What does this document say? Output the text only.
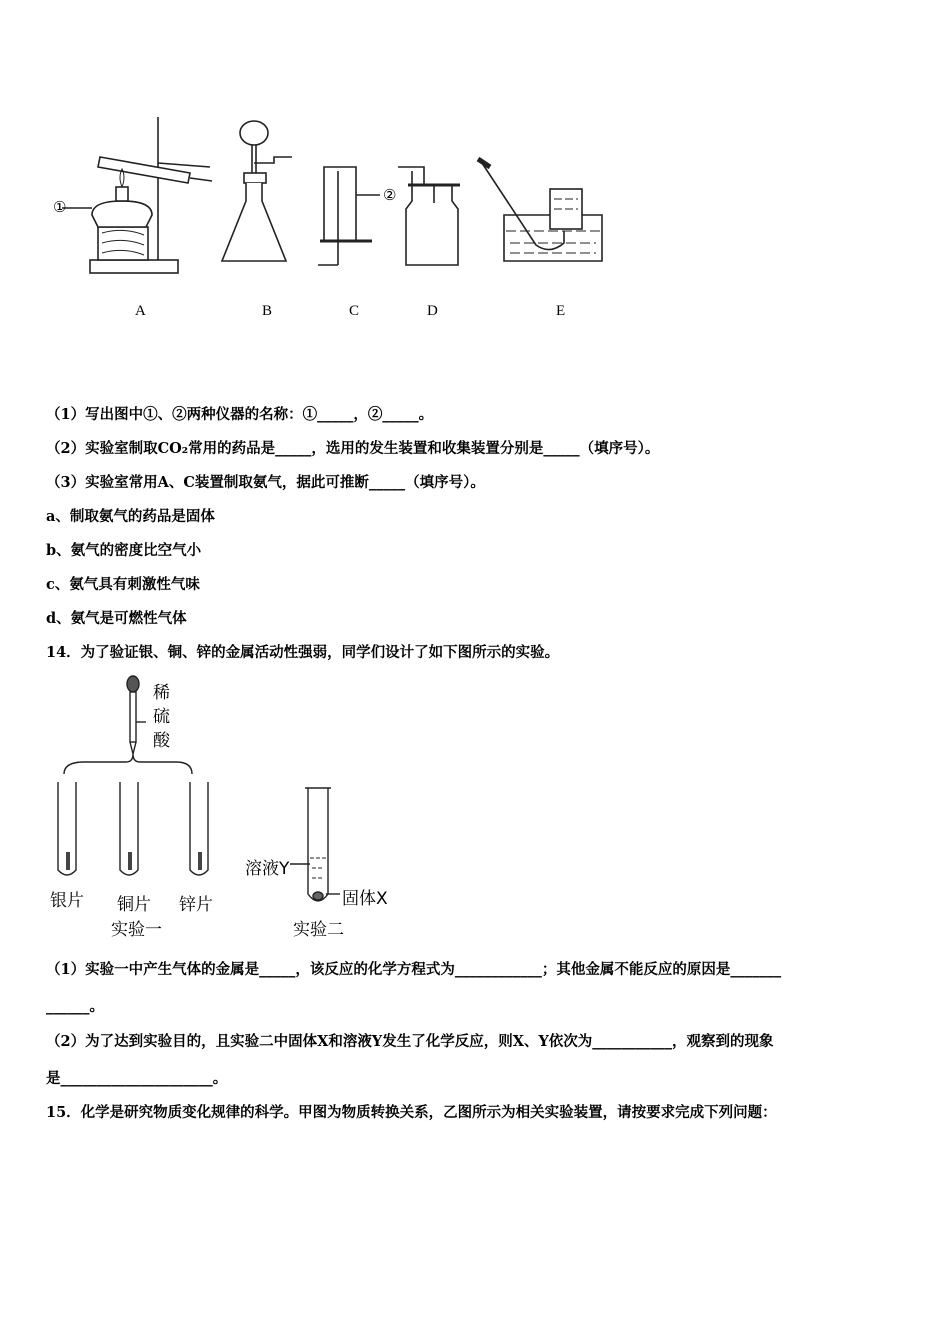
①
②
A	B	C	D	E
（1）写出图中①、②两种仪器的名称：①_____，②_____。
（2）实验室制取CO₂常用的药品是_____，选用的发生装置和收集装置分别是_____（填序号）。
（3）实验室常用A、C装置制取氨气，据此可推断_____（填序号）。
a、制取氨气的药品是固体
b、氨气的密度比空气小
c、氨气具有刺激性气味
d、氨气是可燃性气体
14．为了验证银、铜、锌的金属活动性强弱，同学们设计了如下图所示的实验。
稀
硫
酸
银片 铜片 锌片
实验一	实验二
溶液Y
固体X
（1）实验一中产生气体的金属是_____，该反应的化学方程式为____________；其他金属不能反应的原因是_______
______。
（2）为了达到实验目的，且实验二中固体X和溶液Y发生了化学反应，则X、Y依次为___________，观察到的现象
是_____________________。
15．化学是研究物质变化规律的科学。甲图为物质转换关系，乙图所示为相关实验装置，请按要求完成下列问题：
